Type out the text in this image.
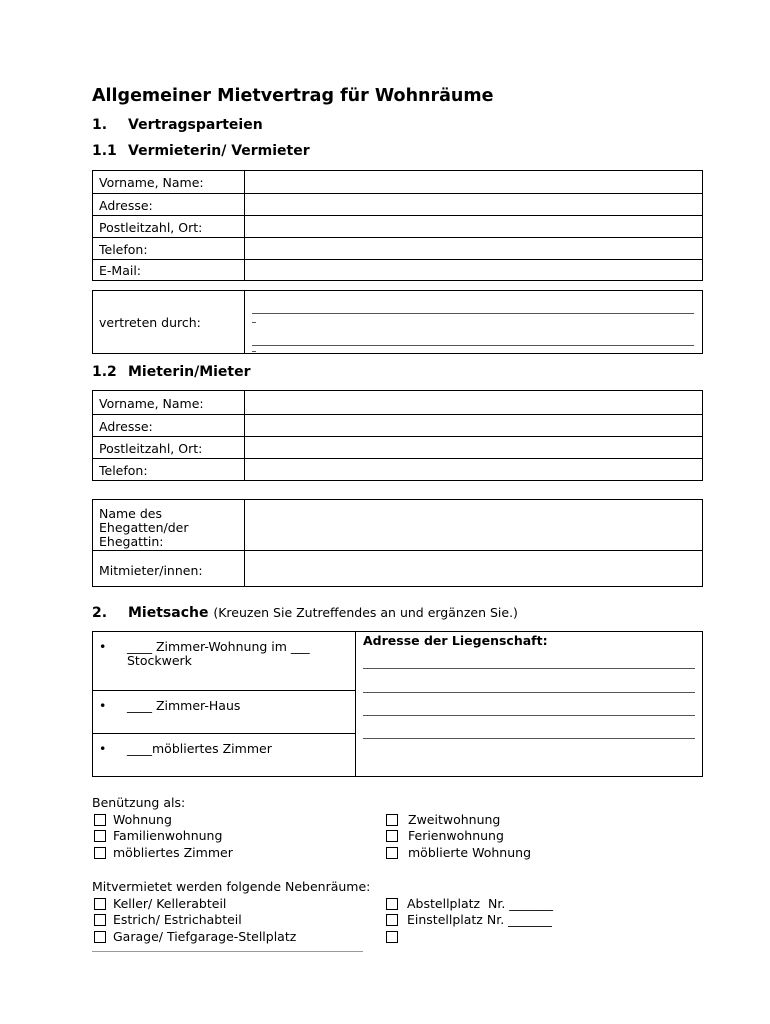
Allgemeiner Mietvertrag für Wohnräume
1. Vertragsparteien
1.1 Vermieterin/ Vermieter
Vorname, Name:
Adresse:
Postleitzahl, Ort:
Telefon:
E-Mail:
vertreten durch:
1.2 Mieterin/Mieter
Vorname, Name:
Adresse:
Postleitzahl, Ort:
Telefon:
Name des
Ehegatten/der
Ehegattin:
Mitmieter/innen:
2. Mietsache (Kreuzen Sie Zutreffendes an und ergänzen Sie.)
• ____ Zimmer-Wohnung im ___
Stockwerk
• ____ Zimmer-Haus
• ____möbliertes Zimmer
Adresse der Liegenschaft:
Benützung als:
Wohnung
Familienwohnung
möbliertes Zimmer
Zweitwohnung
Ferienwohnung
möblierte Wohnung
Mitvermietet werden folgende Nebenräume:
Keller/ Kellerabteil
Estrich/ Estrichabteil
Garage/ Tiefgarage-Stellplatz
Abstellplatz  Nr. _______
Einstellplatz Nr. _______
